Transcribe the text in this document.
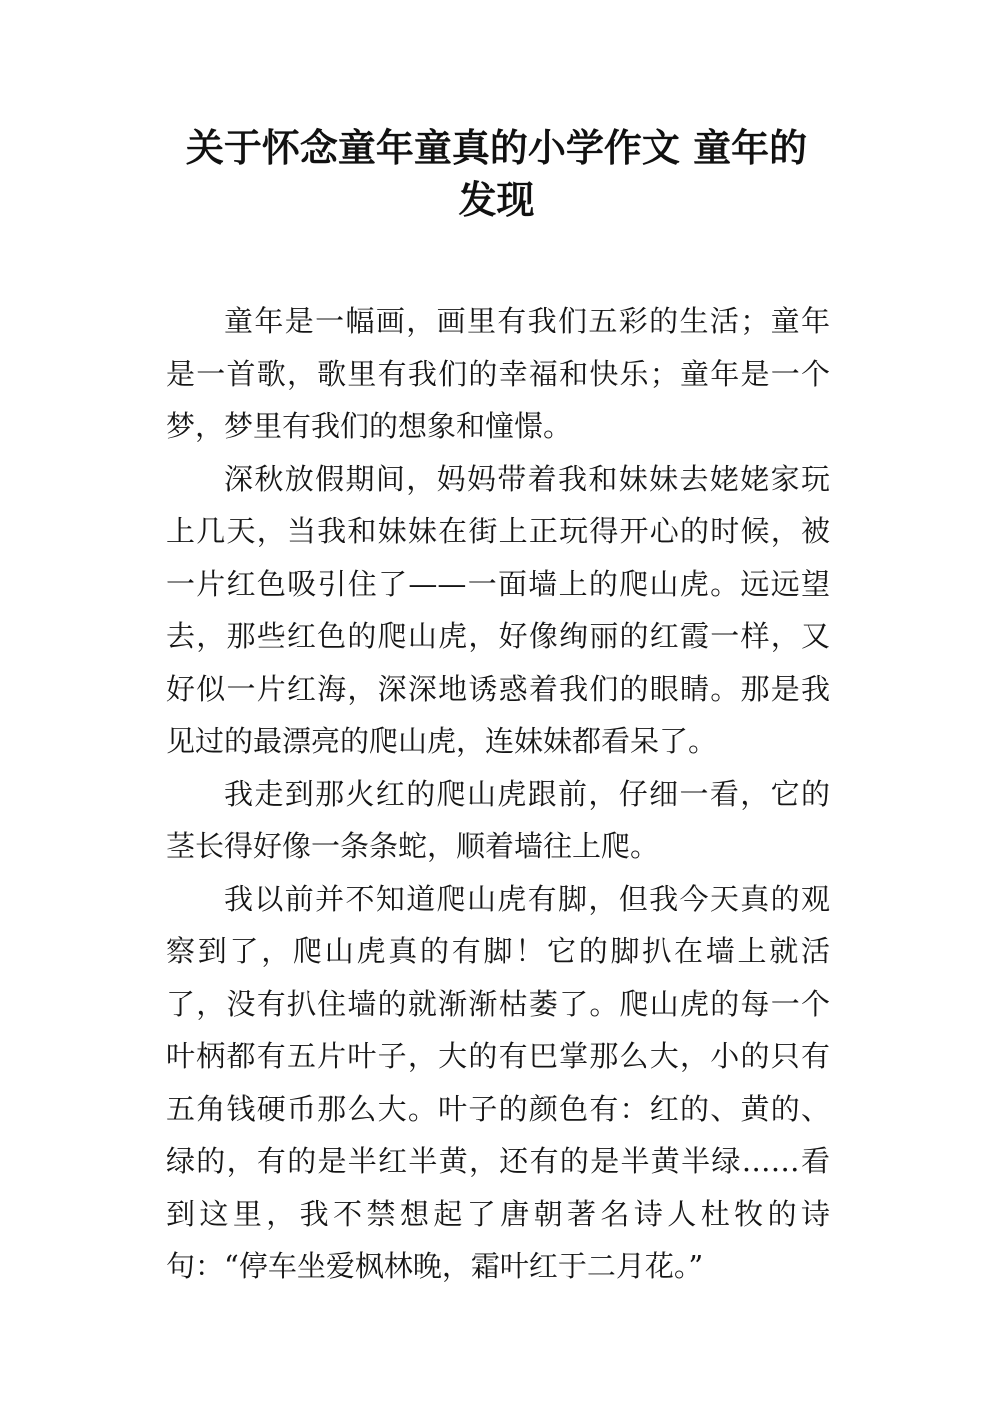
关于怀念童年童真的小学作文 童年的
发现

童年是一幅画，画里有我们五彩的生活；童年是一首歌，歌里有我们的幸福和快乐；童年是一个梦，梦里有我们的想象和憧憬。

深秋放假期间，妈妈带着我和妹妹去姥姥家玩上几天，当我和妹妹在街上正玩得开心的时候，被一片红色吸引住了——一面墙上的爬山虎。远远望去，那些红色的爬山虎，好像绚丽的红霞一样，又好似一片红海，深深地诱惑着我们的眼睛。那是我见过的最漂亮的爬山虎，连妹妹都看呆了。

我走到那火红的爬山虎跟前，仔细一看，它的茎长得好像一条条蛇，顺着墙往上爬。

我以前并不知道爬山虎有脚，但我今天真的观察到了，爬山虎真的有脚！它的脚扒在墙上就活了，没有扒住墙的就渐渐枯萎了。爬山虎的每一个叶柄都有五片叶子，大的有巴掌那么大，小的只有五角钱硬币那么大。叶子的颜色有：红的、黄的、绿的，有的是半红半黄，还有的是半黄半绿……看到这里，我不禁想起了唐朝著名诗人杜牧的诗句：“停车坐爱枫林晚，霜叶红于二月花。”
